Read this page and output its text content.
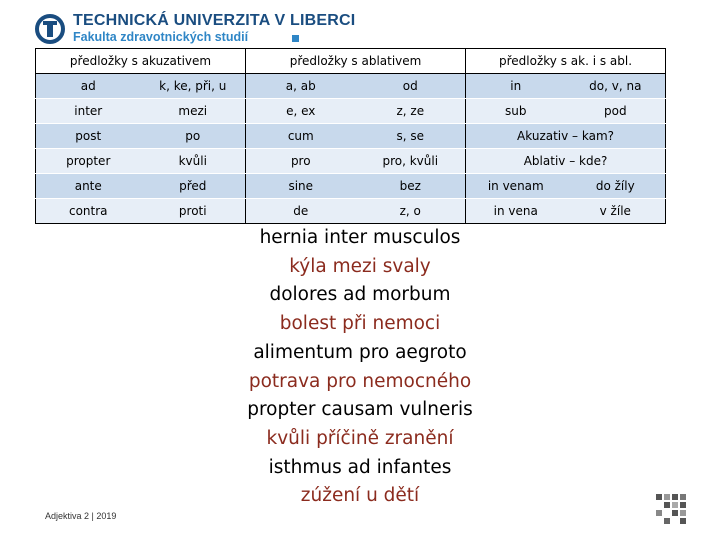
TECHNICKÁ UNIVERZITA V LIBERCI
Fakulta zdravotnických studií
předložky s akuzativem		předložky s ablativem		předložky s ak. i s abl.	
ad	k, ke, při, u	a, ab	od	in	do, v, na
inter	mezi	e, ex	z, ze	sub	pod
post	po	cum	s, se	Akuzativ – kam?	
propter	kvůli	pro	pro, kvůli	Ablativ – kde?	
ante	před	sine	bez	in venam	do žíly
contra	proti	de	z, o	in vena	v žíle
hernia inter musculos
kýla mezi svaly
dolores ad morbum
bolest při nemoci
alimentum pro aegroto
potrava pro nemocného
propter causam vulneris
kvůli příčině zranění
isthmus ad infantes
zúžení u dětí
Adjektiva 2 | 2019
